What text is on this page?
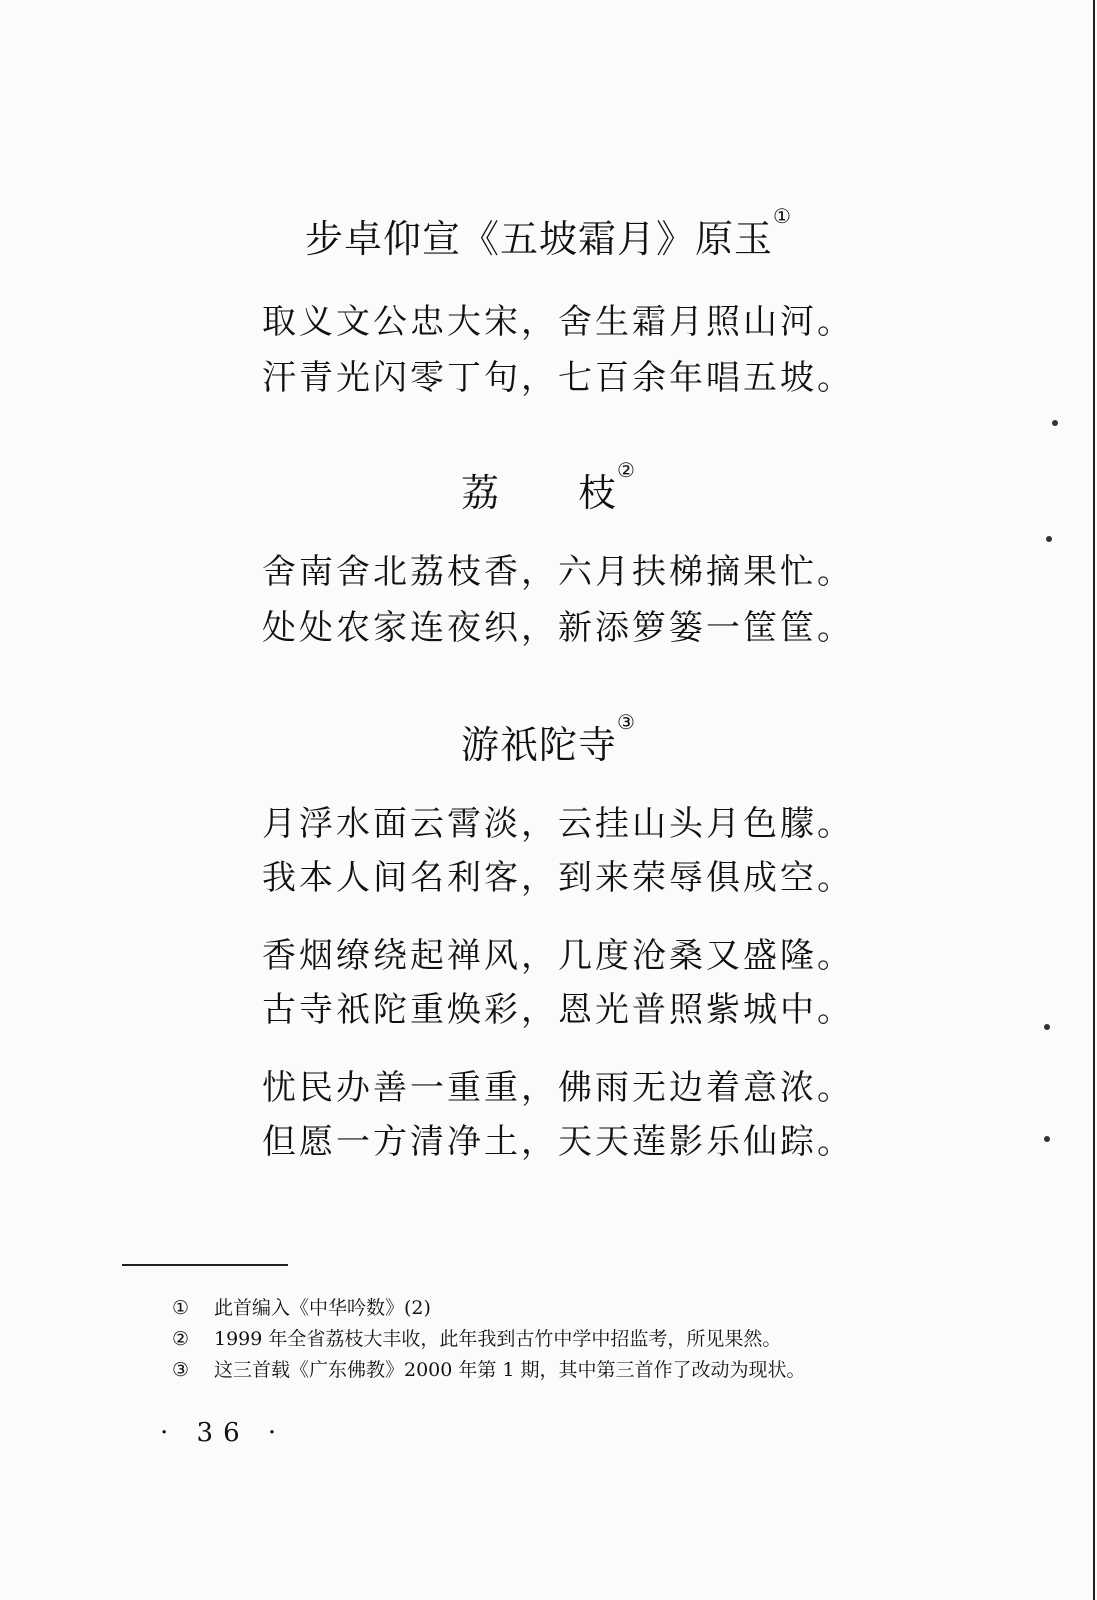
步卓仰宣《五坡霜月》原玉①
取义文公忠大宋，舍生霜月照山河。
汗青光闪零丁句，七百余年唱五坡。
荔　　枝②
舍南舍北荔枝香，六月扶梯摘果忙。
处处农家连夜织，新添箩篓一筐筐。
游祇陀寺③
月浮水面云霄淡，云挂山头月色朦。
我本人间名利客，到来荣辱俱成空。
香烟缭绕起禅风，几度沧桑又盛隆。
古寺祇陀重焕彩，恩光普照紫城中。
忧民办善一重重，佛雨无边着意浓。
但愿一方清净土，天天莲影乐仙踪。
① 此首编入《中华吟数》(2)
② 1999 年全省荔枝大丰收，此年我到古竹中学中招监考，所见果然。
③ 这三首载《广东佛教》2000 年第 1 期，其中第三首作了改动为现状。
· 36 ·
